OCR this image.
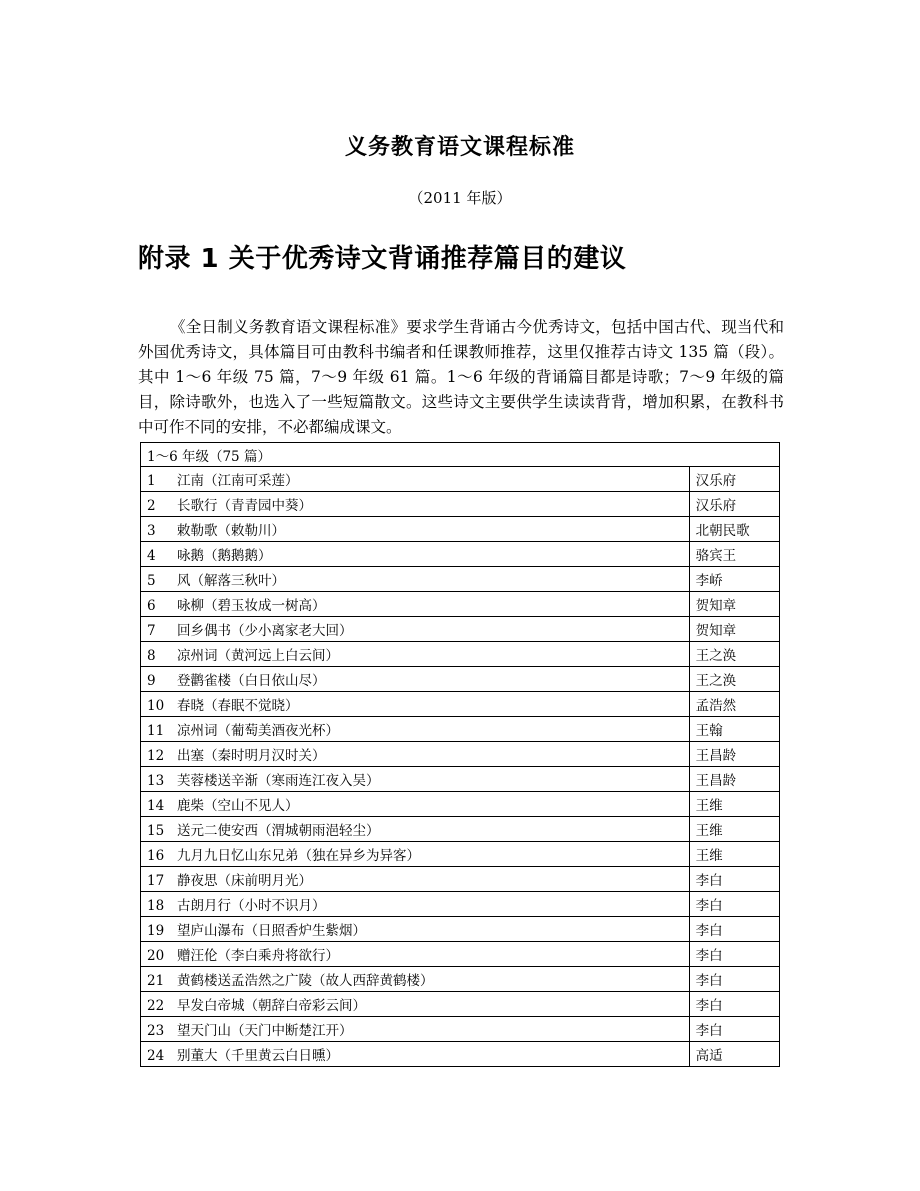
义务教育语文课程标准
（2011 年版）
附录 1 关于优秀诗文背诵推荐篇目的建议

《全日制义务教育语文课程标准》要求学生背诵古今优秀诗文，包括中国古代、现当代和外国优秀诗文，具体篇目可由教科书编者和任课教师推荐，这里仅推荐古诗文 135 篇（段）。其中 1～6 年级 75 篇，7～9 年级 61 篇。1～6 年级的背诵篇目都是诗歌；7～9 年级的篇目，除诗歌外，也选入了一些短篇散文。这些诗文主要供学生读读背背，增加积累，在教科书中可作不同的安排，不必都编成课文。

1～6 年级（75 篇）	
1 江南（江南可采莲）	汉乐府
2 长歌行（青青园中葵）	汉乐府
3 敕勒歌（敕勒川）	北朝民歌
4 咏鹅（鹅鹅鹅）	骆宾王
5 风（解落三秋叶）	李峤
6 咏柳（碧玉妆成一树高）	贺知章
7 回乡偶书（少小离家老大回）	贺知章
8 凉州词（黄河远上白云间）	王之涣
9 登鹳雀楼（白日依山尽）	王之涣
10 春晓（春眠不觉晓）	孟浩然
11 凉州词（葡萄美酒夜光杯）	王翰
12 出塞（秦时明月汉时关）	王昌龄
13 芙蓉楼送辛渐（寒雨连江夜入吴）	王昌龄
14 鹿柴（空山不见人）	王维
15 送元二使安西（渭城朝雨浥轻尘）	王维
16 九月九日忆山东兄弟（独在异乡为异客）	王维
17 静夜思（床前明月光）	李白
18 古朗月行（小时不识月）	李白
19 望庐山瀑布（日照香炉生紫烟）	李白
20 赠汪伦（李白乘舟将欲行）	李白
21 黄鹤楼送孟浩然之广陵（故人西辞黄鹤楼）	李白
22 早发白帝城（朝辞白帝彩云间）	李白
23 望天门山（天门中断楚江开）	李白
24 别董大（千里黄云白日曛）	高适
